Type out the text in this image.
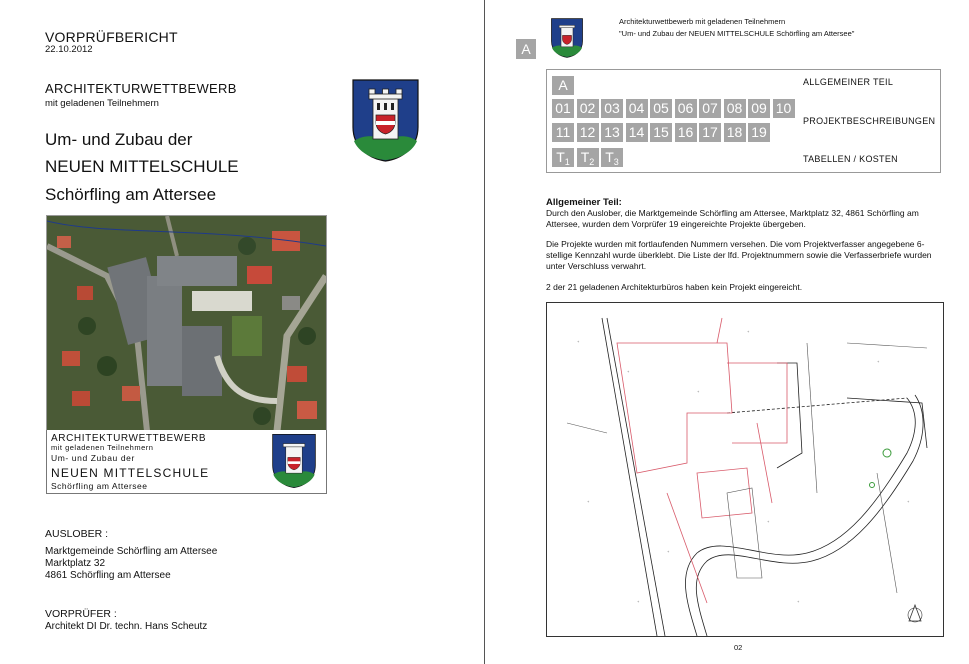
VORPRÜFBERICHT
22.10.2012
ARCHITEKTURWETTBEWERB
mit geladenen Teilnehmern
Um- und Zubau der
NEUEN MITTELSCHULE
Schörfling am Attersee
ARCHITEKTURWETTBEWERB
mit geladenen Teilnehmern
Um- und Zubau der
NEUEN MITTELSCHULE
Schörfling am Attersee
AUSLOBER :
Marktgemeinde Schörfling am Attersee
Marktplatz 32
4861 Schörfling am Attersee
VORPRÜFER :
Architekt DI Dr. techn. Hans Scheutz
Architekturwettbewerb mit geladenen Teilnehmern
"Um- und Zubau der NEUEN MITTELSCHULE Schörfling am Attersee"
A
A	ALLGEMEINER TEIL
PROJEKTBESCHREIBUNGEN
TABELLEN / KOSTEN
01 02 03 04 05 06 07 08 09 10
11 12 13 14 15 16 17 18 19
$T_1$ $T_2$ $T_3$
Allgemeiner Teil:
Durch den Auslober, die Marktgemeinde Schörfling am Attersee, Marktplatz 32, 4861 Schörfling am Attersee, wurden dem Vorprüfer 19 eingereichte Projekte übergeben.
Die Projekte wurden mit fortlaufenden Nummern versehen. Die vom Projektverfasser angegebene 6-stellige Kennzahl wurde überklebt. Die Liste der lfd. Projektnummern sowie die Verfasserbriefe wurden unter Verschluss verwahrt.
2 der 21 geladenen Architekturbüros haben kein Projekt eingereicht.
+
+
+
+
+
+
+
+
+
+
+
+
02
